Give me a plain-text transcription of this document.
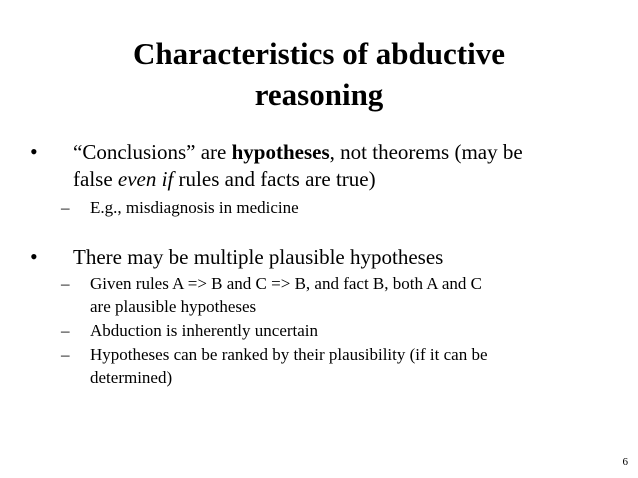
Characteristics of abductive
reasoning
• “Conclusions” are hypotheses, not theorems (may be
false even if rules and facts are true)
– E.g., misdiagnosis in medicine
• There may be multiple plausible hypotheses
– Given rules A => B and C => B, and fact B, both A and C
are plausible hypotheses
– Abduction is inherently uncertain
– Hypotheses can be ranked by their plausibility (if it can be
determined)
6
